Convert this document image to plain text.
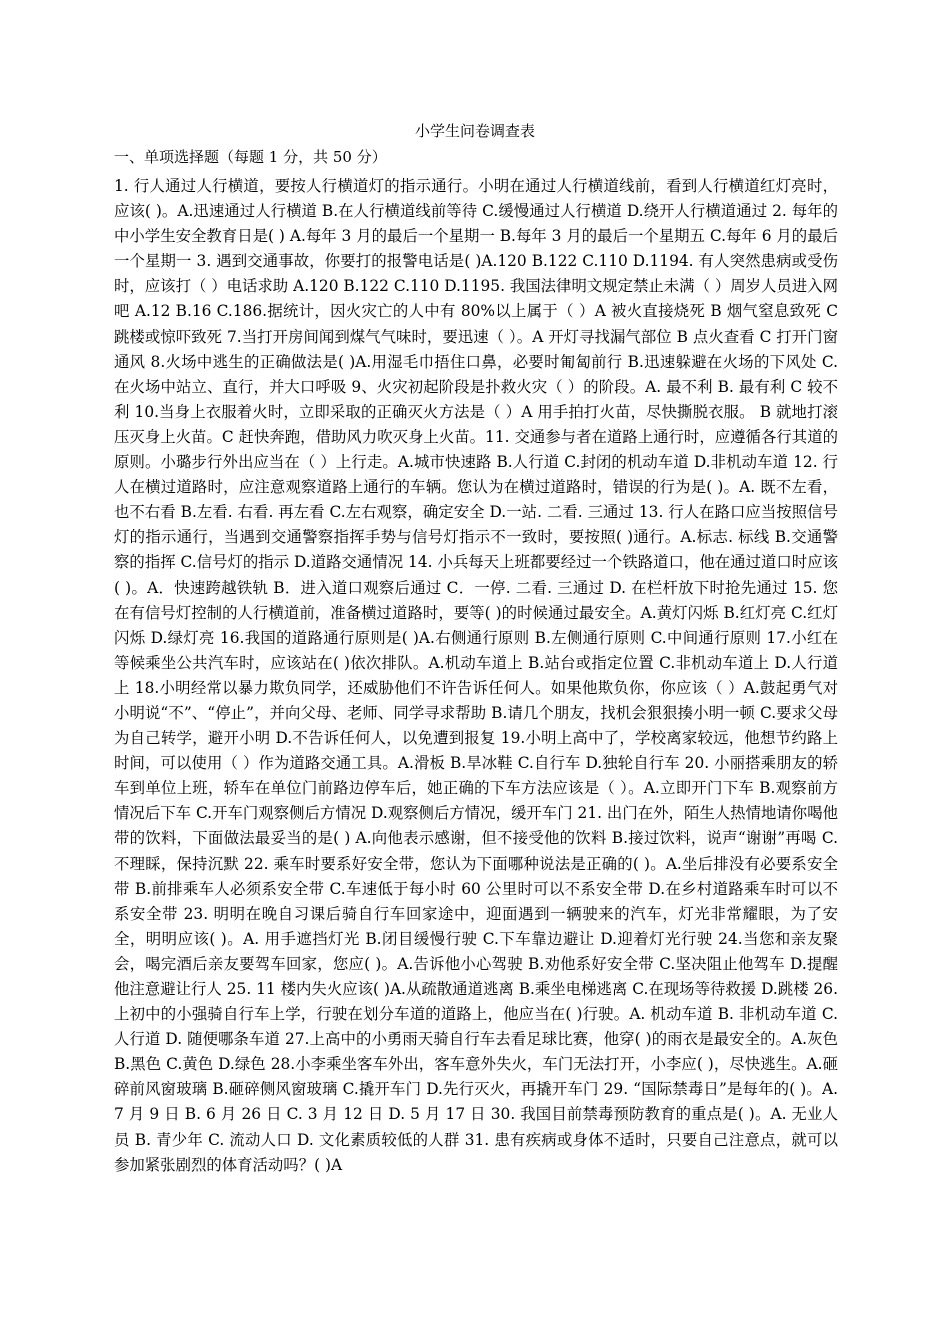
小学生问卷调查表
一、单项选择题（每题 1 分，共 50 分）

1. 行人通过人行横道，要按人行横道灯的指示通行。小明在通过人行横道线前，看到人行横道红灯亮时，应该( )。A.迅速通过人行横道 B.在人行横道线前等待 C.缓慢通过人行横道 D.绕开人行横道通过 2. 每年的中小学生安全教育日是( ) A.每年 3 月的最后一个星期一 B.每年 3 月的最后一个星期五 C.每年 6 月的最后一个星期一 3. 遇到交通事故，你要打的报警电话是( )A.120 B.122 C.110 D.1194. 有人突然患病或受伤时，应该打（ ）电话求助 A.120 B.122 C.110 D.1195. 我国法律明文规定禁止未满（ ）周岁人员进入网吧 A.12 B.16 C.186.据统计，因火灾亡的人中有 80%以上属于（ ）A 被火直接烧死 B 烟气窒息致死 C 跳楼或惊吓致死 7.当打开房间闻到煤气气味时，要迅速（ ）。A 开灯寻找漏气部位 B 点火查看 C 打开门窗通风 8.火场中逃生的正确做法是( )A.用湿毛巾捂住口鼻，必要时匍匐前行 B.迅速躲避在火场的下风处 C.在火场中站立、直行，并大口呼吸 9、火灾初起阶段是扑救火灾（ ）的阶段。A. 最不利 B. 最有利 C 较不利 10.当身上衣服着火时，立即采取的正确灭火方法是（ ）A 用手拍打火苗，尽快撕脱衣服。 B 就地打滚压灭身上火苗。C 赶快奔跑，借助风力吹灭身上火苗。11. 交通参与者在道路上通行时，应遵循各行其道的原则。小璐步行外出应当在（ ）上行走。A.城市快速路 B.人行道 C.封闭的机动车道 D.非机动车道 12. 行人在横过道路时，应注意观察道路上通行的车辆。您认为在横过道路时，错误的行为是( )。A. 既不左看，也不右看 B.左看. 右看. 再左看 C.左右观察，确定安全 D.一站. 二看. 三通过 13. 行人在路口应当按照信号灯的指示通行，当遇到交通警察指挥手势与信号灯指示不一致时，要按照( )通行。A.标志. 标线 B.交通警察的指挥 C.信号灯的指示 D.道路交通情况 14. 小兵每天上班都要经过一个铁路道口，他在通过道口时应该( )。A．快速跨越铁轨 B．进入道口观察后通过 C．一停. 二看. 三通过 D. 在栏杆放下时抢先通过 15. 您在有信号灯控制的人行横道前，准备横过道路时，要等( )的时候通过最安全。A.黄灯闪烁 B.红灯亮 C.红灯闪烁 D.绿灯亮 16.我国的道路通行原则是( )A.右侧通行原则 B.左侧通行原则 C.中间通行原则 17.小红在等候乘坐公共汽车时，应该站在( )依次排队。A.机动车道上 B.站台或指定位置 C.非机动车道上 D.人行道上 18.小明经常以暴力欺负同学，还威胁他们不许告诉任何人。如果他欺负你，你应该（ ）A.鼓起勇气对小明说“不”、“停止”，并向父母、老师、同学寻求帮助 B.请几个朋友，找机会狠狠揍小明一顿 C.要求父母为自己转学，避开小明 D.不告诉任何人，以免遭到报复 19.小明上高中了，学校离家较远，他想节约路上时间，可以使用（ ）作为道路交通工具。A.滑板 B.旱冰鞋 C.自行车 D.独轮自行车 20. 小丽搭乘朋友的轿车到单位上班，轿车在单位门前路边停车后，她正确的下车方法应该是（ ）。A.立即开门下车 B.观察前方情况后下车 C.开车门观察侧后方情况 D.观察侧后方情况，缓开车门 21. 出门在外，陌生人热情地请你喝他带的饮料，下面做法最妥当的是( ) A.向他表示感谢，但不接受他的饮料 B.接过饮料，说声“谢谢”再喝 C.不理睬，保持沉默 22. 乘车时要系好安全带，您认为下面哪种说法是正确的( )。A.坐后排没有必要系安全带 B.前排乘车人必须系安全带 C.车速低于每小时 60 公里时可以不系安全带 D.在乡村道路乘车时可以不系安全带 23. 明明在晚自习课后骑自行车回家途中，迎面遇到一辆驶来的汽车，灯光非常耀眼，为了安全，明明应该( )。A. 用手遮挡灯光 B.闭目缓慢行驶 C.下车靠边避让 D.迎着灯光行驶 24.当您和亲友聚会，喝完酒后亲友要驾车回家，您应( )。A.告诉他小心驾驶 B.劝他系好安全带 C.坚决阻止他驾车 D.提醒他注意避让行人 25. 11 楼内失火应该( )A.从疏散通道逃离 B.乘坐电梯逃离 C.在现场等待救援 D.跳楼 26. 上初中的小强骑自行车上学，行驶在划分车道的道路上，他应当在( )行驶。A. 机动车道 B. 非机动车道 C. 人行道 D. 随便哪条车道 27.上高中的小勇雨天骑自行车去看足球比赛，他穿( )的雨衣是最安全的。A.灰色 B.黑色 C.黄色 D.绿色 28.小李乘坐客车外出，客车意外失火，车门无法打开，小李应( )，尽快逃生。A.砸碎前风窗玻璃 B.砸碎侧风窗玻璃 C.撬开车门 D.先行灭火，再撬开车门 29. “国际禁毒日”是每年的( )。A. 7 月 9 日 B. 6 月 26 日 C. 3 月 12 日 D. 5 月 17 日 30. 我国目前禁毒预防教育的重点是( )。A. 无业人员 B. 青少年 C. 流动人口 D. 文化素质较低的人群 31. 患有疾病或身体不适时，只要自己注意点，就可以参加紧张剧烈的体育活动吗？( )A
